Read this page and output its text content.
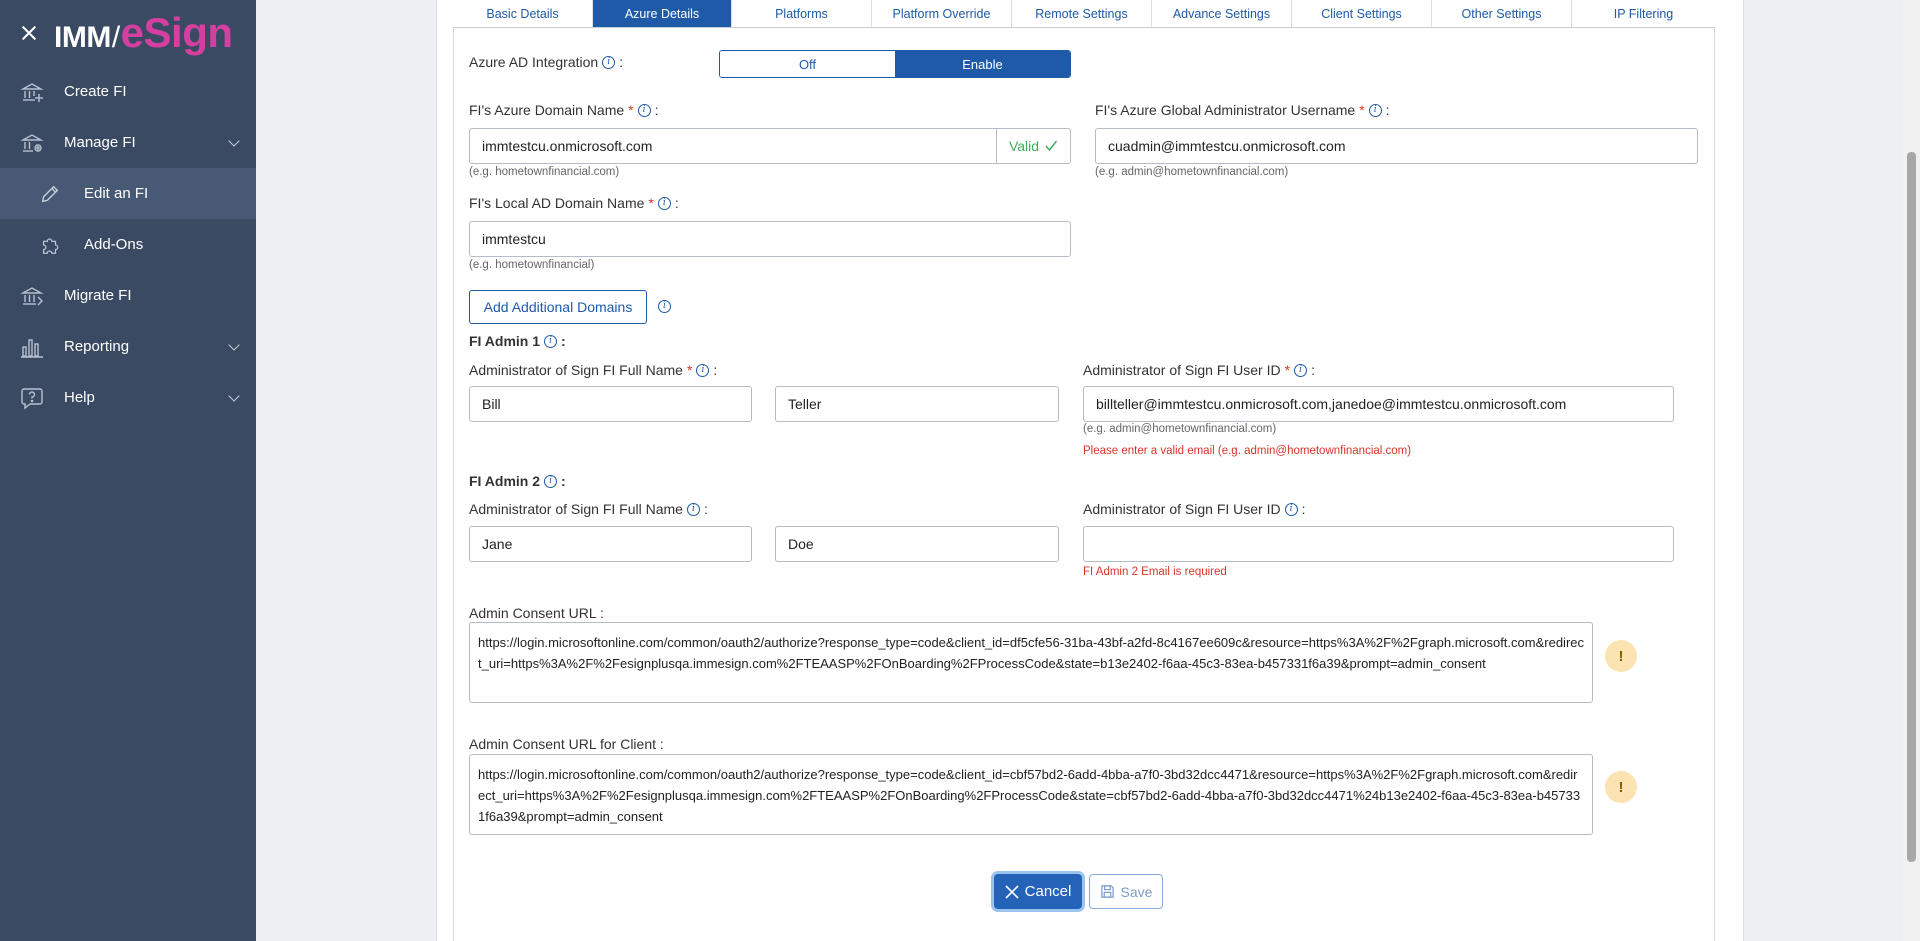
IMM / eSign
Create FI
Manage FI
Edit an FI
Add-Ons
Migrate FI
Reporting
Help
Basic Details	Azure Details	Platforms	Platform Override	Remote Settings	Advance Settings	Client Settings	Other Settings	IP Filtering
Azure AD Integration	i :	Off	Enable
FI's Azure Domain Name *	i :
immtestcu.onmicrosoft.com	Valid
(e.g. hometownfinancial.com)
FI's Azure Global Administrator Username *	i :
cuadmin@immtestcu.onmicrosoft.com
(e.g. admin@hometownfinancial.com)
FI's Local AD Domain Name *	i :
immtestcu
(e.g. hometownfinancial)
Add Additional Domains	i
FI Admin 1	i :
Administrator of Sign FI Full Name *	i :
Bill	Teller
Administrator of Sign FI User ID *	i :
billteller@immtestcu.onmicrosoft.com,janedoe@immtestcu.onmicrosoft.com
(e.g. admin@hometownfinancial.com)
Please enter a valid email (e.g. admin@hometownfinancial.com)
FI Admin 2	i :
Administrator of Sign FI Full Name	i :
Jane	Doe
Administrator of Sign FI User ID	i :
FI Admin 2 Email is required
Admin Consent URL :
https://login.microsoftonline.com/common/oauth2/authorize?response_type=code&client_id=df5cfe56-31ba-43bf-a2fd-8c4167ee609c&resource=https%3A%2F%2Fgraph.microsoft.com&redirect_uri=https%3A%2F%2Fesignplusqa.immesign.com%2FTEAASP%2FOnBoarding%2FProcessCode&state=b13e2402-f6aa-45c3-83ea-b457331f6a39&prompt=admin_consent	!
Admin Consent URL for Client :
https://login.microsoftonline.com/common/oauth2/authorize?response_type=code&client_id=cbf57bd2-6add-4bba-a7f0-3bd32dcc4471&resource=https%3A%2F%2Fgraph.microsoft.com&redirect_uri=https%3A%2F%2Fesignplusqa.immesign.com%2FTEAASP%2FOnBoarding%2FProcessCode&state=cbf57bd2-6add-4bba-a7f0-3bd32dcc4471%24b13e2402-f6aa-45c3-83ea-b457331f6a39&prompt=admin_consent
!
Cancel	Save
